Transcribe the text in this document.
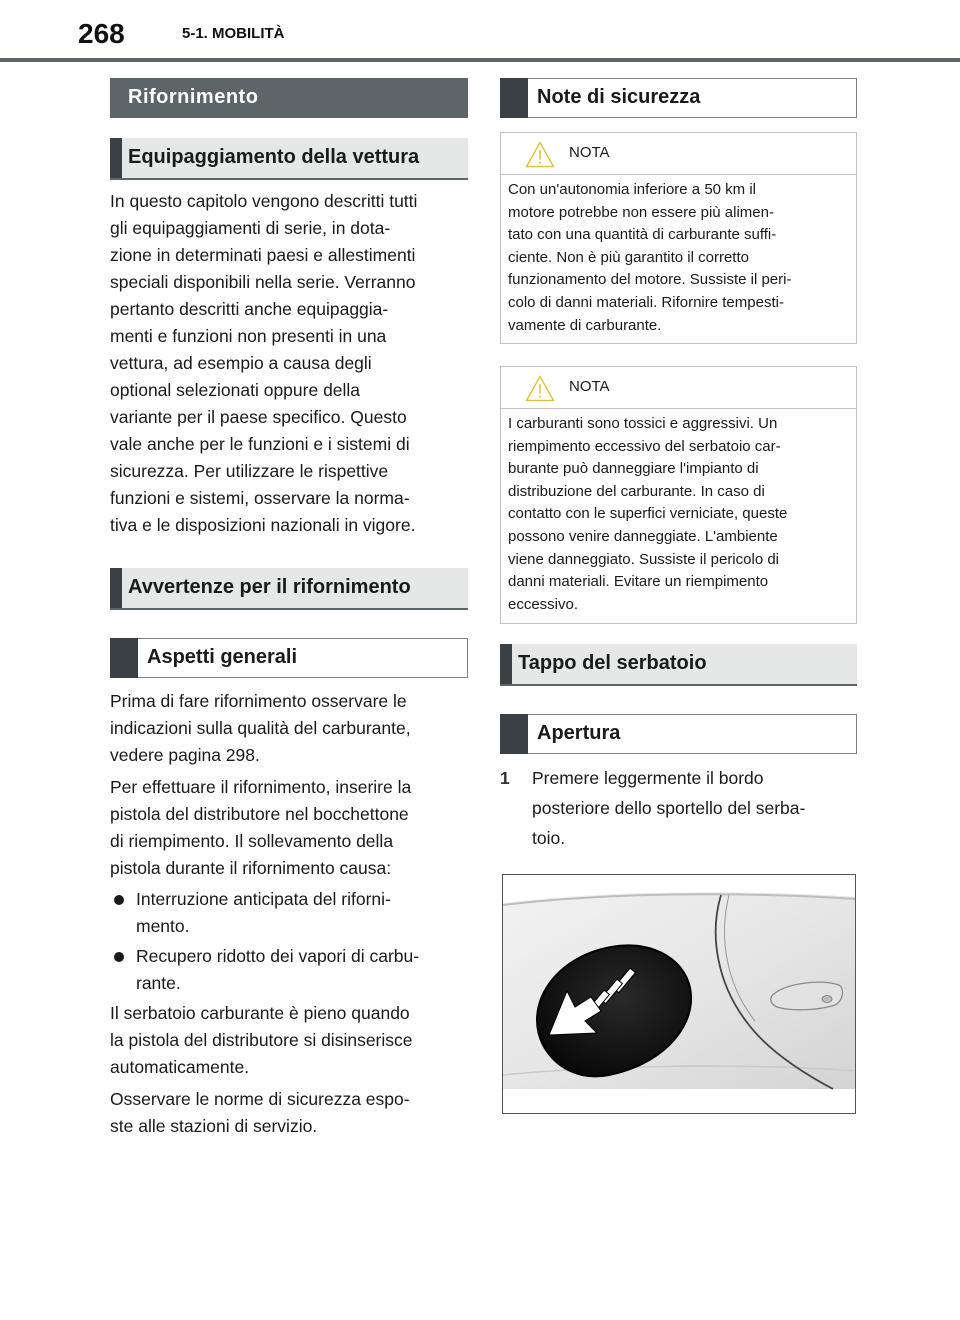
268	5-1. MOBILITÀ
Rifornimento
Equipaggiamento della vettura
In questo capitolo vengono descritti tutti
gli equipaggiamenti di serie, in dota-
zione in determinati paesi e allestimenti
speciali disponibili nella serie. Verranno
pertanto descritti anche equipaggia-
menti e funzioni non presenti in una
vettura, ad esempio a causa degli
optional selezionati oppure della
variante per il paese specifico. Questo
vale anche per le funzioni e i sistemi di
sicurezza. Per utilizzare le rispettive
funzioni e sistemi, osservare la norma-
tiva e le disposizioni nazionali in vigore.
Avvertenze per il rifornimento
Aspetti generali
Prima di fare rifornimento osservare le
indicazioni sulla qualità del carburante,
vedere pagina 298.
Per effettuare il rifornimento, inserire la
pistola del distributore nel bocchettone
di riempimento. Il sollevamento della
pistola durante il rifornimento causa:
Interruzione anticipata del riforni-
mento.
Recupero ridotto dei vapori di carbu-
rante.
Il serbatoio carburante è pieno quando
la pistola del distributore si disinserisce
automaticamente.
Osservare le norme di sicurezza espo-
ste alle stazioni di servizio.
Note di sicurezza
NOTA
Con un'autonomia inferiore a 50 km il
motore potrebbe non essere più alimen-
tato con una quantità di carburante suffi-
ciente. Non è più garantito il corretto
funzionamento del motore. Sussiste il peri-
colo di danni materiali. Rifornire tempesti-
vamente di carburante.
NOTA
I carburanti sono tossici e aggressivi. Un
riempimento eccessivo del serbatoio car-
burante può danneggiare l'impianto di
distribuzione del carburante. In caso di
contatto con le superfici verniciate, queste
possono venire danneggiate. L'ambiente
viene danneggiato. Sussiste il pericolo di
danni materiali. Evitare un riempimento
eccessivo.
Tappo del serbatoio
Apertura
1 Premere leggermente il bordo
posteriore dello sportello del serba-
toio.
